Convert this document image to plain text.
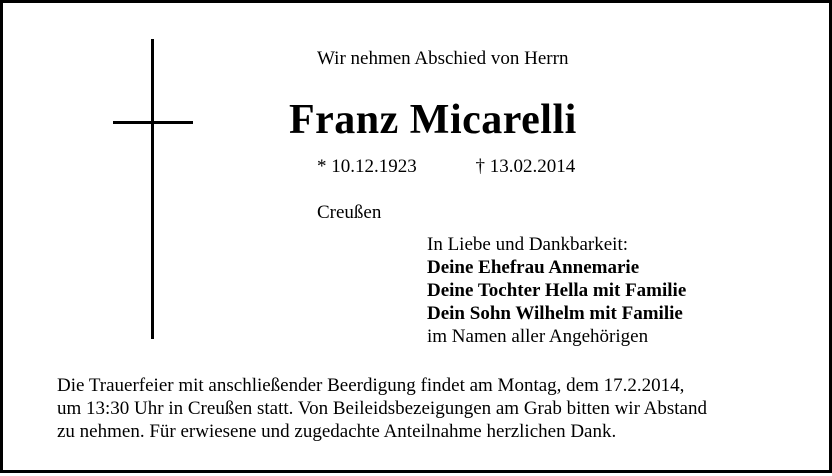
Wir nehmen Abschied von Herrn
Franz Micarelli
* 10.12.1923	† 13.02.2014
Creußen
In Liebe und Dankbarkeit:
Deine Ehefrau Annemarie
Deine Tochter Hella mit Familie
Dein Sohn Wilhelm mit Familie
im Namen aller Angehörigen
Die Trauerfeier mit anschließender Beerdigung findet am Montag, dem 17.2.2014,
um 13:30 Uhr in Creußen statt. Von Beileidsbezeigungen am Grab bitten wir Abstand
zu nehmen. Für erwiesene und zugedachte Anteilnahme herzlichen Dank.
